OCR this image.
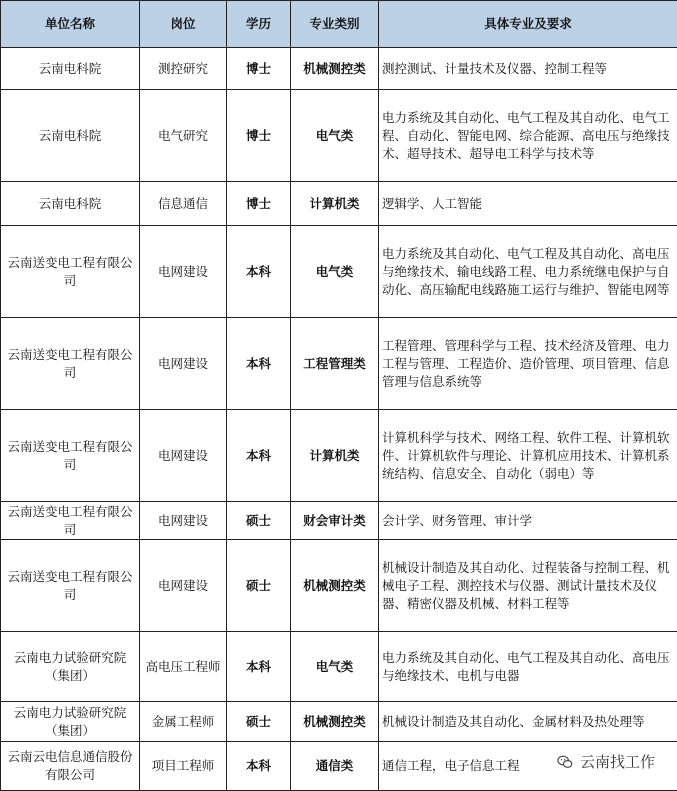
单位名称	岗位	学历	专业类别	具体专业及要求
云南电科院	测控研究	博士	机械测控类	测控测试、计量技术及仪器、控制工程等
云南电科院	电气研究	博士	电气类	电力系统及其自动化、电气工程及其自动化、电气工程、自动化、智能电网、综合能源、高电压与绝缘技术、超导技术、超导电工科学与技术等
云南电科院	信息通信	博士	计算机类	逻辑学、人工智能
云南送变电工程有限公司	电网建设	本科	电气类	电力系统及其自动化、电气工程及其自动化、高电压与绝缘技术、输电线路工程、电力系统继电保护与自动化、高压输配电线路施工运行与维护、智能电网等
云南送变电工程有限公司	电网建设	本科	工程管理类	工程管理、管理科学与工程、技术经济及管理、电力工程与管理、工程造价、造价管理、项目管理、信息管理与信息系统等
云南送变电工程有限公司	电网建设	本科	计算机类	计算机科学与技术、网络工程、软件工程、计算机软件、计算机软件与理论、计算机应用技术、计算机系统结构、信息安全、自动化（弱电）等
云南送变电工程有限公司	电网建设	硕士	财会审计类	会计学、财务管理、审计学
云南送变电工程有限公司	电网建设	硕士	机械测控类	机械设计制造及其自动化、过程装备与控制工程、机械电子工程、测控技术与仪器、测试计量技术及仪器、精密仪器及机械、材料工程等
云南电力试验研究院（集团）	高电压工程师	本科	电气类	电力系统及其自动化、电气工程及其自动化、高电压与绝缘技术、电机与电器
云南电力试验研究院（集团）	金属工程师	硕士	机械测控类	机械设计制造及其自动化、金属材料及热处理等
云南云电信息通信股份有限公司	项目工程师	本科	通信类	通信工程，电子信息工程	云南找工作
